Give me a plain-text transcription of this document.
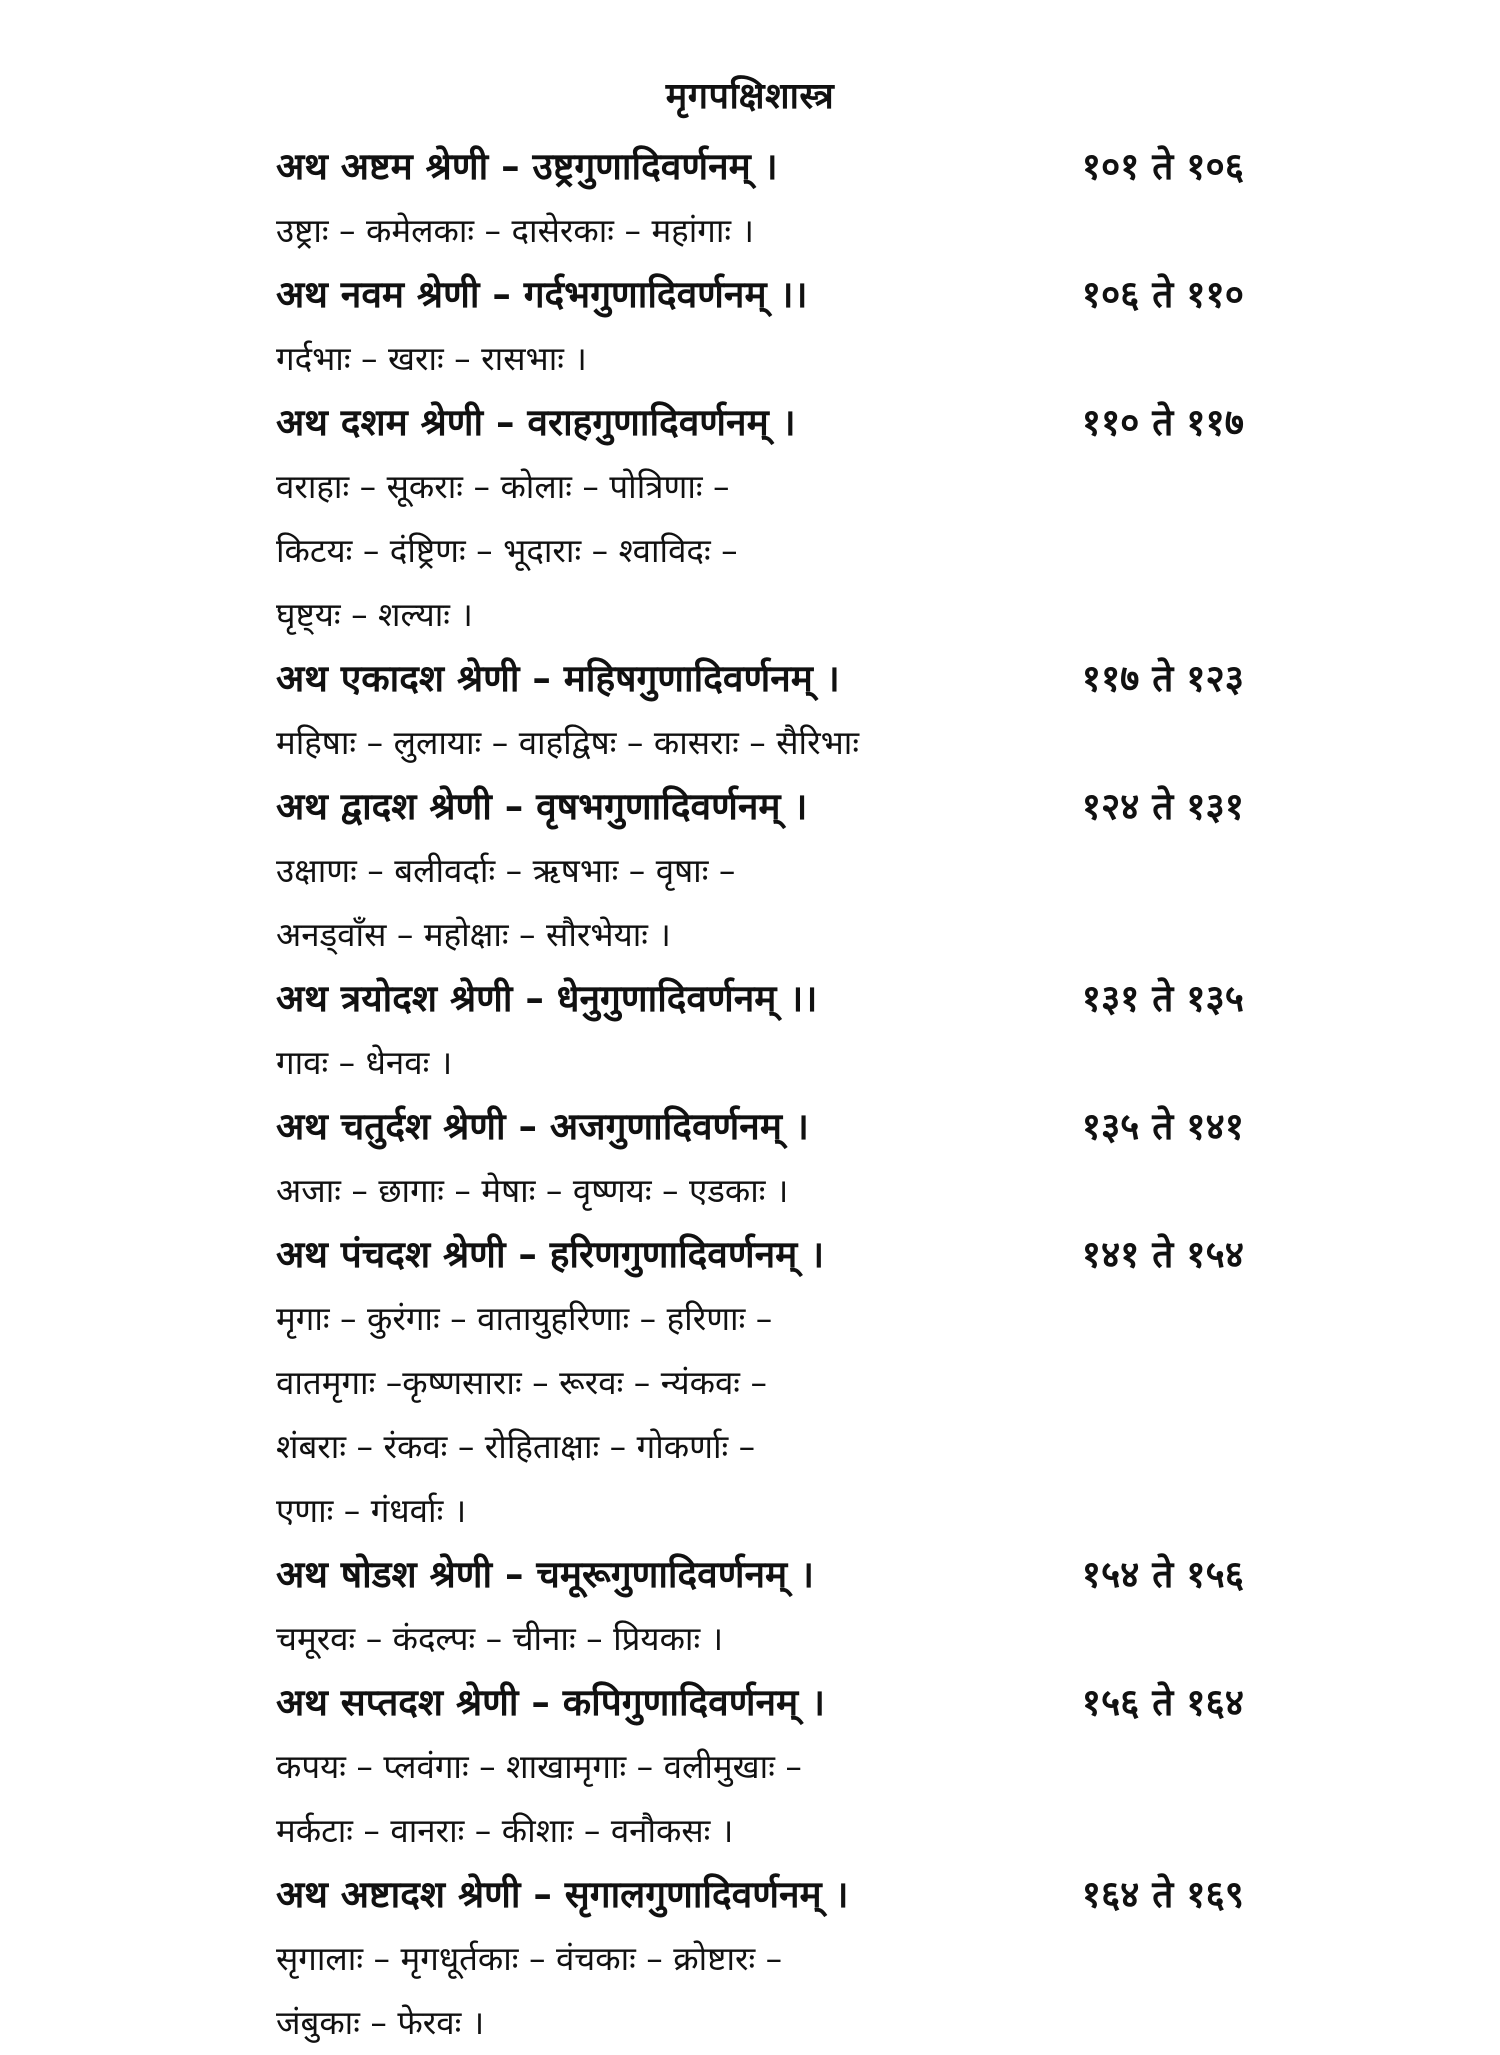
मृगपक्षिशास्त्र
अथ अष्टम श्रेणी – उष्ट्रगुणादिवर्णनम् ।	१०१ ते १०६
उष्ट्राः – कमेलकाः – दासेरकाः – महांगाः ।
अथ नवम श्रेणी – गर्दभगुणादिवर्णनम् ।।	१०६ ते ११०
गर्दभाः – खराः – रासभाः ।
अथ दशम श्रेणी – वराहगुणादिवर्णनम् ।	११० ते ११७
वराहाः – सूकराः – कोलाः – पोत्रिणाः –
किटयः – दंष्ट्रिणः – भूदाराः – श्वाविदः –
घृष्ट्यः – शल्याः ।
अथ एकादश श्रेणी – महिषगुणादिवर्णनम् ।	११७ ते १२३
महिषाः – लुलायाः – वाहद्विषः – कासराः – सैरिभाः
अथ द्वादश श्रेणी – वृषभगुणादिवर्णनम् ।	१२४ ते १३१
उक्षाणः – बलीवर्दाः – ऋषभाः – वृषाः –
अनड्वाँस – महोक्षाः – सौरभेयाः ।
अथ त्रयोदश श्रेणी – धेनुगुणादिवर्णनम् ।।	१३१ ते १३५
गावः – धेनवः ।
अथ चतुर्दश श्रेणी – अजगुणादिवर्णनम् ।	१३५ ते १४१
अजाः – छागाः – मेषाः – वृष्णयः – एडकाः ।
अथ पंचदश श्रेणी – हरिणगुणादिवर्णनम् ।	१४१ ते १५४
मृगाः – कुरंगाः – वातायुहरिणाः – हरिणाः –
वातमृगाः –कृष्णसाराः – रूरवः – न्यंकवः –
शंबराः – रंकवः – रोहिताक्षाः – गोकर्णाः –
एणाः – गंधर्वाः ।
अथ षोडश श्रेणी – चमूरूगुणादिवर्णनम् ।	१५४ ते १५६
चमूरवः – कंदल्पः – चीनाः – प्रियकाः ।
अथ सप्तदश श्रेणी – कपिगुणादिवर्णनम् ।	१५६ ते १६४
कपयः – प्लवंगाः – शाखामृगाः – वलीमुखाः –
मर्कटाः – वानराः – कीशाः – वनौकसः ।
अथ अष्टादश श्रेणी – सृगालगुणादिवर्णनम् ।	१६४ ते १६९
सृगालाः – मृगधूर्तकाः – वंचकाः – क्रोष्टारः –
जंबुकाः – फेरवः ।
